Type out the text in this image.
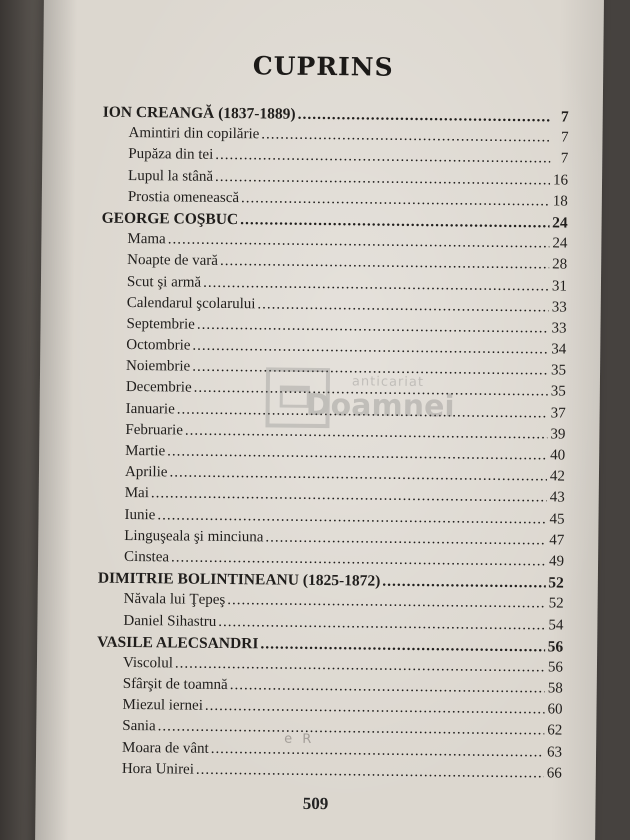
CUPRINS
ION CREANGĂ (1837-1889) .....	7
Amintiri din copilărie .....	7
Pupăza din tei .....	7
Lupul la stână .....	16
Prostia omenească .....	18
GEORGE COŞBUC .....	24
Mama .....	24
Noapte de vară .....	28
Scut şi armă .....	31
Calendarul şcolarului .....	33
Septembrie .....	33
Octombrie .....	34
Noiembrie .....	35
Decembrie .....	35
Ianuarie .....	37
Februarie .....	39
Martie .....	40
Aprilie .....	42
Mai .....	43
Iunie .....	45
Linguşeala şi minciuna .....	47
Cinstea .....	49
DIMITRIE BOLINTINEANU (1825-1872) .....	52
Năvala lui Ţepeş .....	52
Daniel Sihastru .....	54
VASILE ALECSANDRI .....	56
Viscolul .....	56
Sfârşit de toamnă .....	58
Miezul iernei .....	60
Sania .....	62
Moara de vânt .....	63
Hora Unirei .....	66
anticariat
Doamnei
e R
509
